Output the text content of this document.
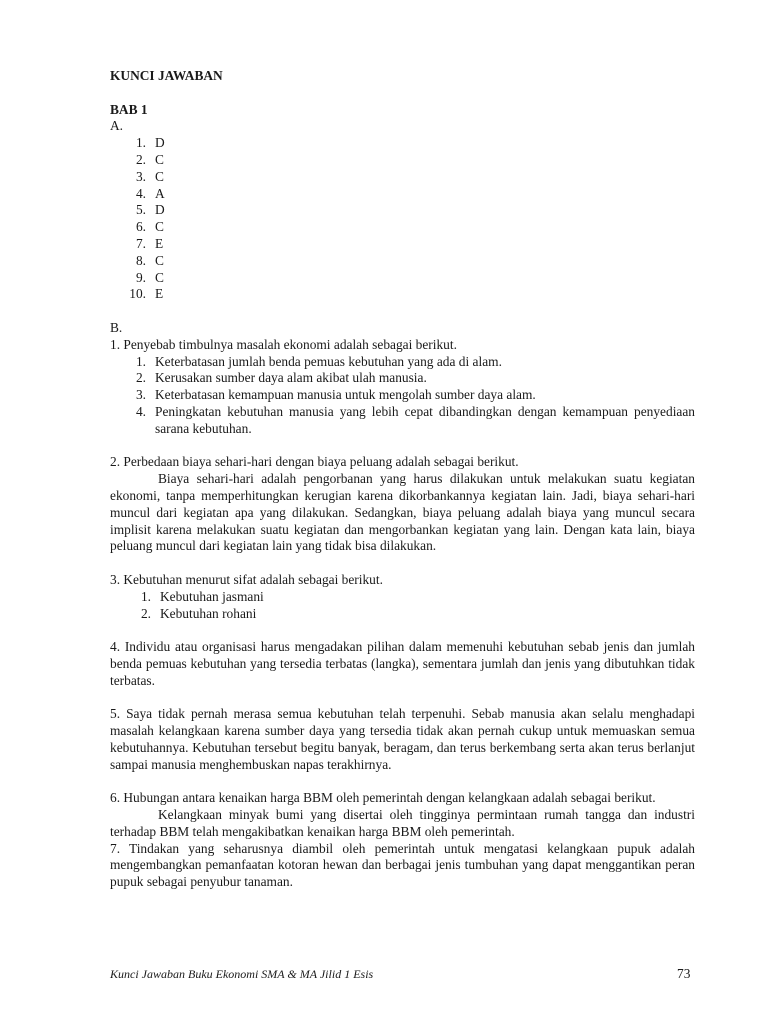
KUNCI JAWABAN

BAB 1

A.

1. D
2. C
3. C
4. A
5. D
6. C
7. E
8. C
9. C
10. E

B.

1. Penyebab timbulnya masalah ekonomi adalah sebagai berikut.

1. Keterbatasan jumlah benda pemuas kebutuhan yang ada di alam.
2. Kerusakan sumber daya alam akibat ulah manusia.
3. Keterbatasan kemampuan manusia untuk mengolah sumber daya alam.
4. Peningkatan kebutuhan manusia yang lebih cepat dibandingkan dengan kemampuan penyediaan sarana kebutuhan.

2. Perbedaan biaya sehari-hari dengan biaya peluang adalah sebagai berikut.

Biaya sehari-hari adalah pengorbanan yang harus dilakukan untuk melakukan suatu kegiatan ekonomi, tanpa memperhitungkan kerugian karena dikorbankannya kegiatan lain. Jadi, biaya sehari-hari muncul dari kegiatan apa yang dilakukan. Sedangkan, biaya peluang adalah biaya yang muncul secara implisit karena melakukan suatu kegiatan dan mengorbankan kegiatan yang lain. Dengan kata lain, biaya peluang muncul dari kegiatan lain yang tidak bisa dilakukan.

3. Kebutuhan menurut sifat adalah sebagai berikut.

1. Kebutuhan jasmani
2. Kebutuhan rohani

4. Individu atau organisasi harus mengadakan pilihan dalam memenuhi kebutuhan sebab jenis dan jumlah benda pemuas kebutuhan yang tersedia terbatas (langka), sementara jumlah dan jenis yang dibutuhkan tidak terbatas.

5. Saya tidak pernah merasa semua kebutuhan telah terpenuhi. Sebab manusia akan selalu menghadapi masalah kelangkaan karena sumber daya yang tersedia tidak akan pernah cukup untuk memuaskan semua kebutuhannya. Kebutuhan tersebut begitu banyak, beragam, dan terus berkembang serta akan terus berlanjut sampai manusia menghembuskan napas terakhirnya.

6. Hubungan antara kenaikan harga BBM oleh pemerintah dengan kelangkaan adalah sebagai berikut.

Kelangkaan minyak bumi yang disertai oleh tingginya permintaan rumah tangga dan industri terhadap BBM telah mengakibatkan kenaikan harga BBM oleh pemerintah.

7. Tindakan yang seharusnya diambil oleh pemerintah untuk mengatasi kelangkaan pupuk adalah mengembangkan pemanfaatan kotoran hewan dan berbagai jenis tumbuhan yang dapat menggantikan peran pupuk sebagai penyubur tanaman.

Kunci Jawaban Buku Ekonomi SMA & MA Jilid 1 Esis	73
